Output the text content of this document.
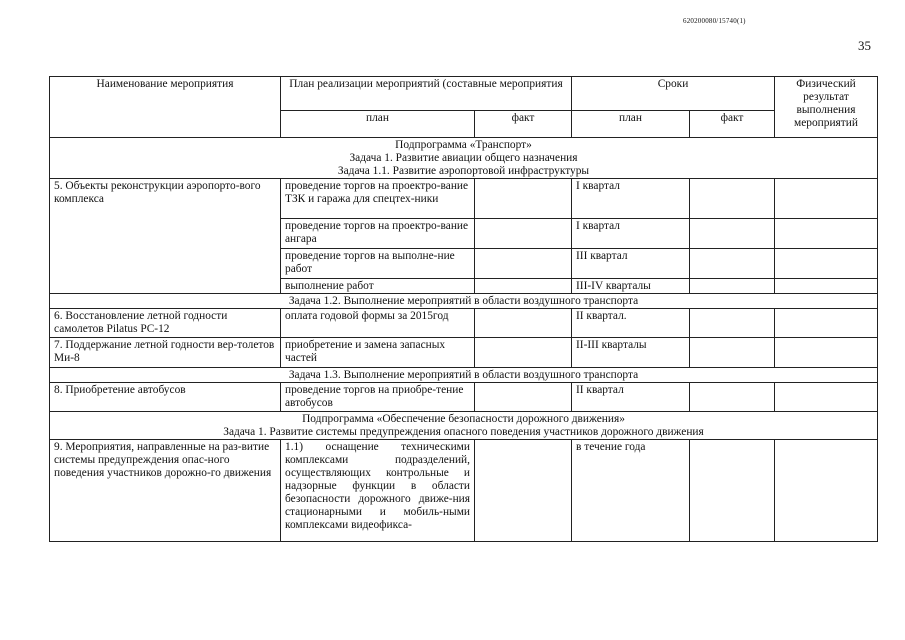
620200080/15740(1)
35
Наименование мероприятия	План реализации мероприятий (составные мероприятия		Сроки		Физический результат выполнения мероприятий
	план	факт	план	факт	

Подпрограмма «Транспорт»
Задача 1. Развитие авиации общего назначения
Задача 1.1. Развитие аэропортовой инфраструктуры					

5. Объекты реконструкции аэропорто-вого комплекса	проведение торгов на проектро-вание ТЗК и гаража для спецтех-ники		I квартал		
	проведение торгов на проектро-вание ангара		I квартал		
	проведение торгов на выполне-ние работ		III квартал		
	выполнение работ		III-IV кварталы		
Задача 1.2. Выполнение мероприятий в области воздушного транспорта					
6. Восстановление летной годности самолетов Pilatus PC-12	оплата годовой формы за 2015год		II квартал.		
7. Поддержание летной годности вер-толетов Ми-8	приобретение и замена запасных частей		II-III кварталы		
Задача 1.3. Выполнение мероприятий в области воздушного транспорта					
8. Приобретение автобусов	проведение торгов на приобре-тение автобусов		II квартал		

Подпрограмма «Обеспечение безопасности дорожного движения»
Задача 1. Развитие системы предупреждения опасного поведения участников дорожного движения					

9. Мероприятия, направленные на раз-витие системы предупреждения опас-ного поведения участников дорожно-го движения	1.1) оснащение техническими комплексами подразделений, осуществляющих контрольные и надзорные функции в области безопасности дорожного движе-ния стационарными и мобиль-ными комплексами видеофикса-		в течение года		
